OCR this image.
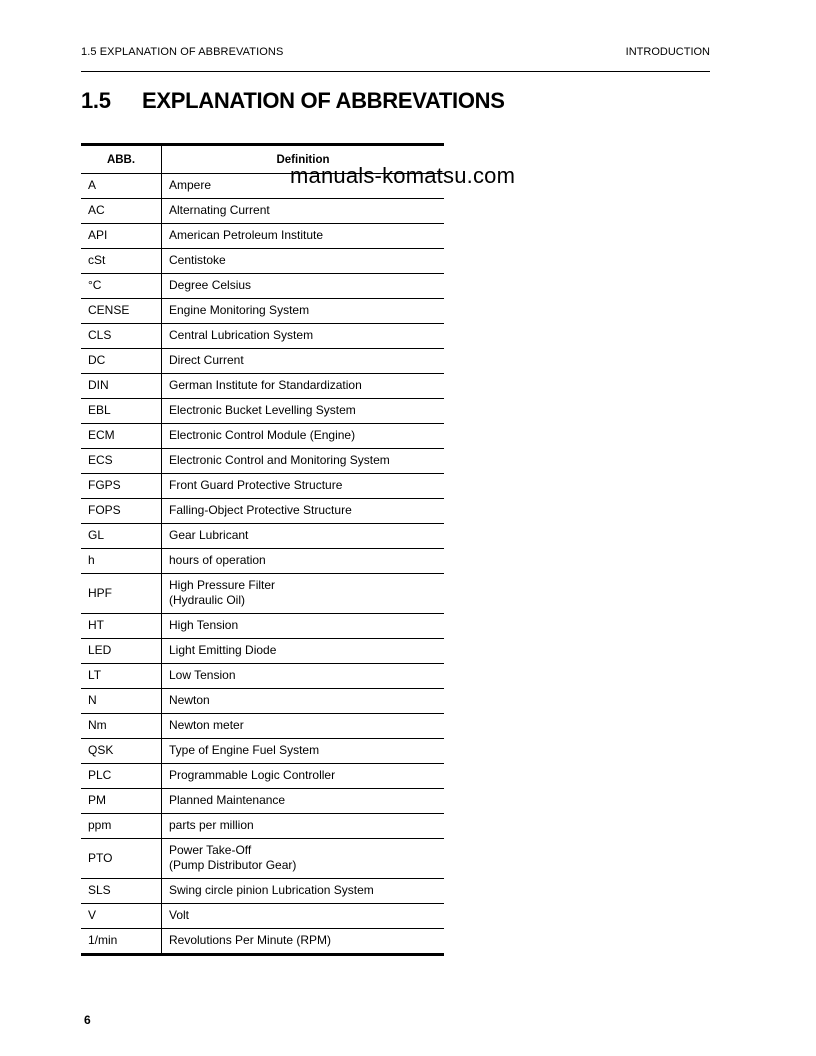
1.5 EXPLANATION OF ABBREVATIONS	INTRODUCTION
1.5 EXPLANATION OF ABBREVATIONS
ABB.	Definition
A	Ampere

AC	Alternating Current

API	American Petroleum Institute

cSt	Centistoke

°C	Degree Celsius

CENSE	Engine Monitoring System

CLS	Central Lubrication System

DC	Direct Current

DIN	German Institute for Standardization

EBL	Electronic Bucket Levelling System

ECM	Electronic Control Module (Engine)

ECS	Electronic Control and Monitoring System

FGPS	Front Guard Protective Structure

FOPS	Falling-Object Protective Structure

GL	Gear Lubricant

h	hours of operation

HPF	High Pressure Filter
(Hydraulic Oil)

HT	High Tension

LED	Light Emitting Diode

LT	Low Tension

N	Newton

Nm	Newton meter

QSK	Type of Engine Fuel System

PLC	Programmable Logic Controller

PM	Planned Maintenance

ppm	parts per million

PTO	Power Take-Off
(Pump Distributor Gear)

SLS	Swing circle pinion Lubrication System

V	Volt

1/min	Revolutions Per Minute (RPM)
manuals-komatsu.com
6
